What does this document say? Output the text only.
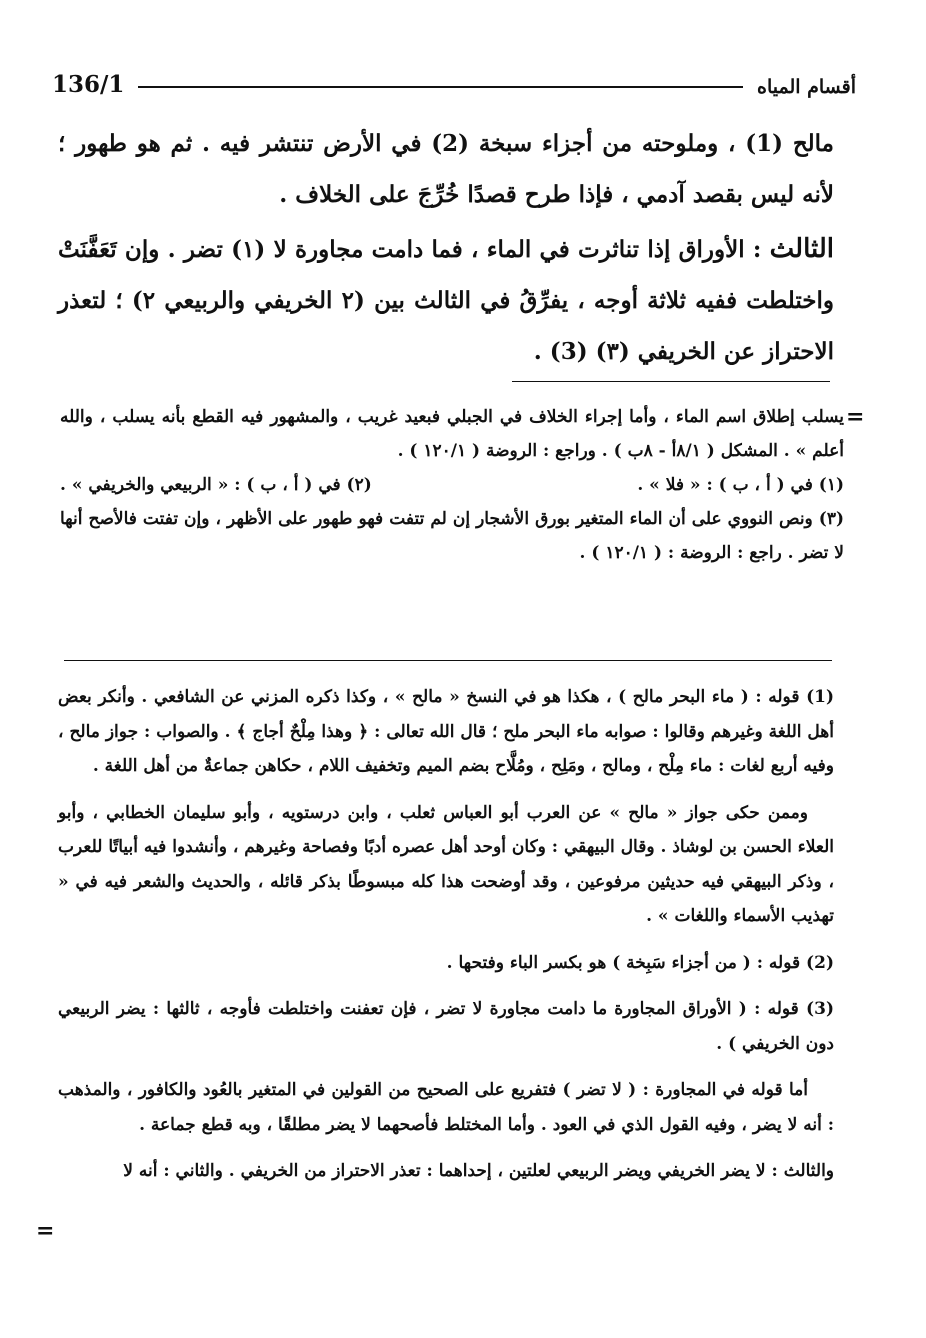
136/1	أقسام المياه

مالح (1) ، وملوحته من أجزاء سبخة (2) في الأرض تنتشر فيه . ثم هو طهور ؛ لأنه ليس بقصد آدمي ، فإذا طرح قصدًا خُرِّجَ على الخلاف .

الثالث : الأوراق إذا تناثرت في الماء ، فما دامت مجاورة لا (١) تضر . وإن تَعَفَّنَتْ واختلطت ففيه ثلاثة أوجه ، يفرِّقُ في الثالث بين (٢ الخريفي والربيعي ٢) ؛ لتعذر الاحتراز عن الخريفي (٣) (3) .

=

يسلب إطلاق اسم الماء ، وأما إجراء الخلاف في الجبلي فبعيد غريب ، والمشهور فيه القطع بأنه يسلب ، والله أعلم » . المشكل ( ٨/١أ - ٨ب ) . وراجع : الروضة ( ١٢٠/١ ) .

(١) في ( أ ، ب ) : « فلا » .
(٢) في ( أ ، ب ) : « الربيعي والخريفي » .

(٣) ونص النووي على أن الماء المتغير بورق الأشجار إن لم تتفت فهو طهور على الأظهر ، وإن تفتت فالأصح أنها لا تضر . راجع : الروضة : ( ١٢٠/١ ) .

(1) قوله : ( ماء البحر مالح ) ، هكذا هو في النسخ « مالح » ، وكذا ذكره المزني عن الشافعي . وأنكر بعض أهل اللغة وغيرهم وقالوا : صوابه ماء البحر ملح ؛ قال الله تعالى : ﴿ وهذا مِلْحٌ أجاج ﴾ . والصواب : جواز مالح ، وفيه أربع لغات : ماء مِلْح ، ومالح ، ومَلِح ، ومُلَّاح بضم الميم وتخفيف اللام ، حكاهن جماعةٌ من أهل اللغة .

وممن حكى جواز « مالح » عن العرب أبو العباس ثعلب ، وابن درستويه ، وأبو سليمان الخطابي ، وأبو العلاء الحسن بن لوشاذ . وقال البيهقي : وكان أوحد أهل عصره أدبًا وفصاحة وغيرهم ، وأنشدوا فيه أبياتًا للعرب ، وذكر البيهقي فيه حديثين مرفوعين ، وقد أوضحت هذا كله مبسوطًا بذكر قائله ، والحديث والشعر فيه في « تهذيب الأسماء واللغات » .

(2) قوله : ( من أجزاء سَبِخة ) هو بكسر الباء وفتحها .

(3) قوله : ( الأوراق المجاورة ما دامت مجاورة لا تضر ، فإن تعفنت واختلطت فأوجه ، ثالثها : يضر الربيعي دون الخريفي ) .

أما قوله في المجاورة : ( لا تضر ) فتفريع على الصحيح من القولين في المتغير بالعُود والكافور ، والمذهب : أنه لا يضر ، وفيه القول الذي في العود . وأما المختلط فأصحهما لا يضر مطلقًا ، وبه قطع جماعة .

والثالث : لا يضر الخريفي ويضر الربيعي لعلتين ، إحداهما : تعذر الاحتراز من الخريفي . والثاني : أنه لا

=
